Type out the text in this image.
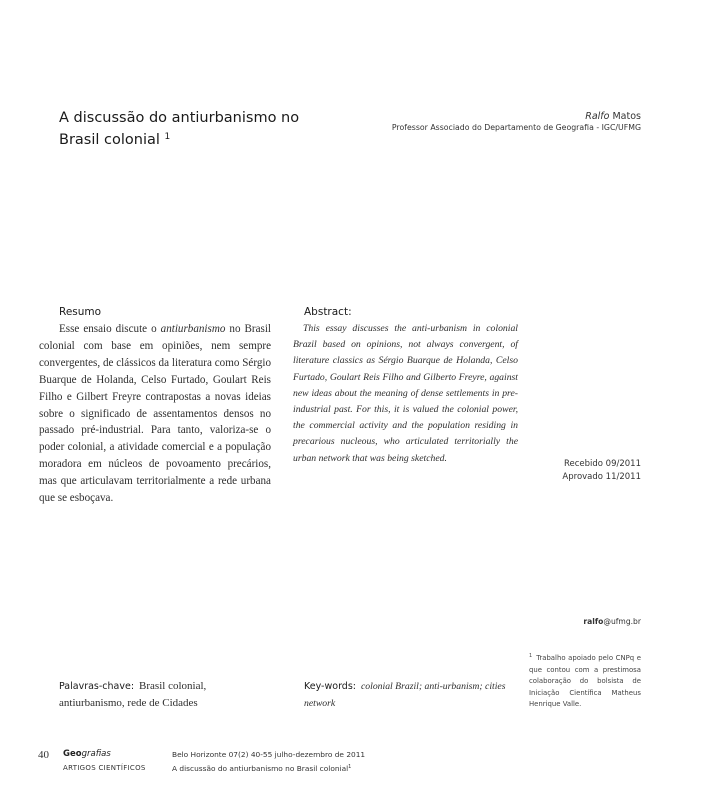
A discussão do antiurbanismo no Brasil colonial $^1$
Ralfo Matos
Professor Associado do Departamento de Geografia - IGC/UFMG
Resumo

Esse ensaio discute o antiurbanismo no Brasil colonial com base em opiniões, nem sempre convergentes, de clássicos da literatura como Sérgio Buarque de Holanda, Celso Furtado, Goulart Reis Filho e Gilbert Freyre contrapostas a novas ideias sobre o significado de assentamentos densos no passado pré-industrial. Para tanto, valoriza-se o poder colonial, a atividade comercial e a população moradora em núcleos de povoamento precários, mas que articulavam territorialmente a rede urbana que se esboçava.

Abstract:

This essay discusses the anti-urbanism in colonial Brazil based on opinions, not always convergent, of literature classics as Sérgio Buarque de Holanda, Celso Furtado, Goulart Reis Filho and Gilberto Freyre, against new ideas about the meaning of dense settlements in pre-industrial past. For this, it is valued the colonial power, the commercial activity and the population residing in precarious nucleous, who articulated territorially the urban network that was being sketched.

Recebido 09/2011
Aprovado 11/2011
ralfo@ufmg.br
$^1$ Trabalho apoiado pelo CNPq e que contou com a prestimosa colaboração do bolsista de Iniciação Científica Matheus Henrique Valle.
Palavras-chave: Brasil colonial, antiurbanismo, rede de Cidades
Key-words: colonial Brazil; anti-urbanism; cities network
40 Geografias
ARTIGOS CIENTÍFICOS
Belo Horizonte 07(2) 40-55 julho-dezembro de 2011
A discussão do antiurbanismo no Brasil colonial$^1$
